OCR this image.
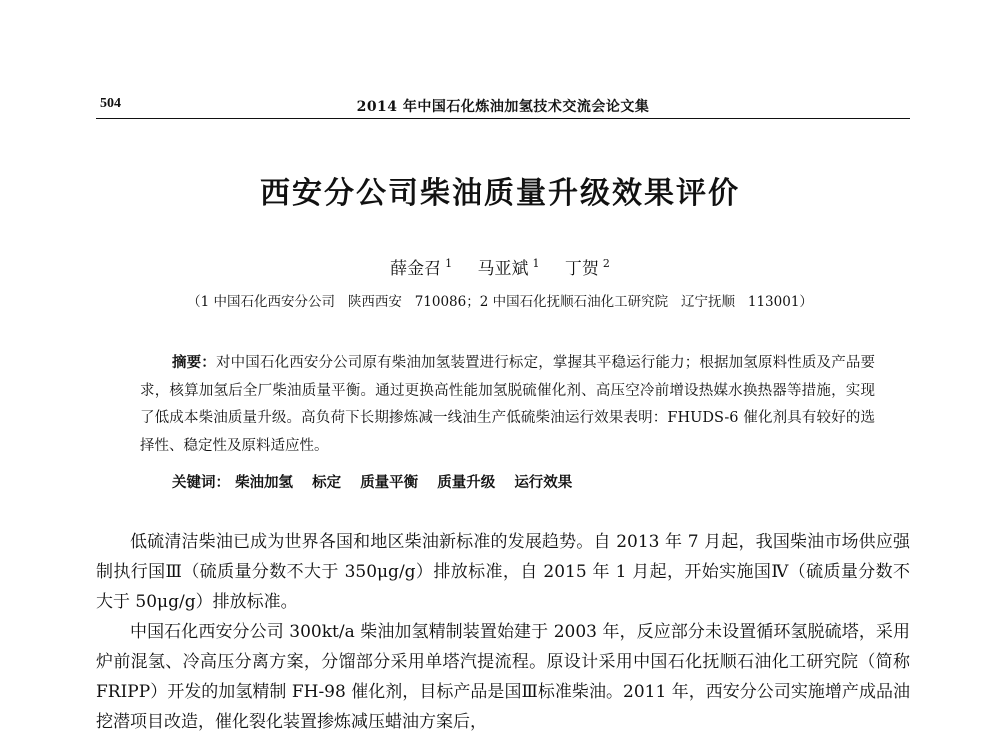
504	2014 年中国石化炼油加氢技术交流会论文集
西安分公司柴油质量升级效果评价
薛金召 $^1$ 马亚斌 $^1$ 丁贺 $^2$
（1 中国石化西安分公司   陕西西安   710086；2 中国石化抚顺石油化工研究院   辽宁抚顺   113001）
摘要：对中国石化西安分公司原有柴油加氢装置进行标定，掌握其平稳运行能力；根据加氢原料性质及产品要求，核算加氢后全厂柴油质量平衡。通过更换高性能加氢脱硫催化剂、高压空冷前增设热媒水换热器等措施，实现了低成本柴油质量升级。高负荷下长期掺炼减一线油生产低硫柴油运行效果表明：FHUDS-6 催化剂具有较好的选择性、稳定性及原料适应性。
关键词： 柴油加氢 标定 质量平衡 质量升级 运行效果

低硫清洁柴油已成为世界各国和地区柴油新标准的发展趋势。自 2013 年 7 月起，我国柴油市场供应强制执行国Ⅲ（硫质量分数不大于 350μg/g）排放标准，自 2015 年 1 月起，开始实施国Ⅳ（硫质量分数不大于 50μg/g）排放标准。

中国石化西安分公司 300kt/a 柴油加氢精制装置始建于 2003 年，反应部分未设置循环氢脱硫塔，采用炉前混氢、冷高压分离方案，分馏部分采用单塔汽提流程。原设计采用中国石化抚顺石油化工研究院（简称 FRIPP）开发的加氢精制 FH-98 催化剂，目标产品是国Ⅲ标准柴油。2011 年，西安分公司实施增产成品油挖潜项目改造，催化裂化装置掺炼减压蜡油方案后，
